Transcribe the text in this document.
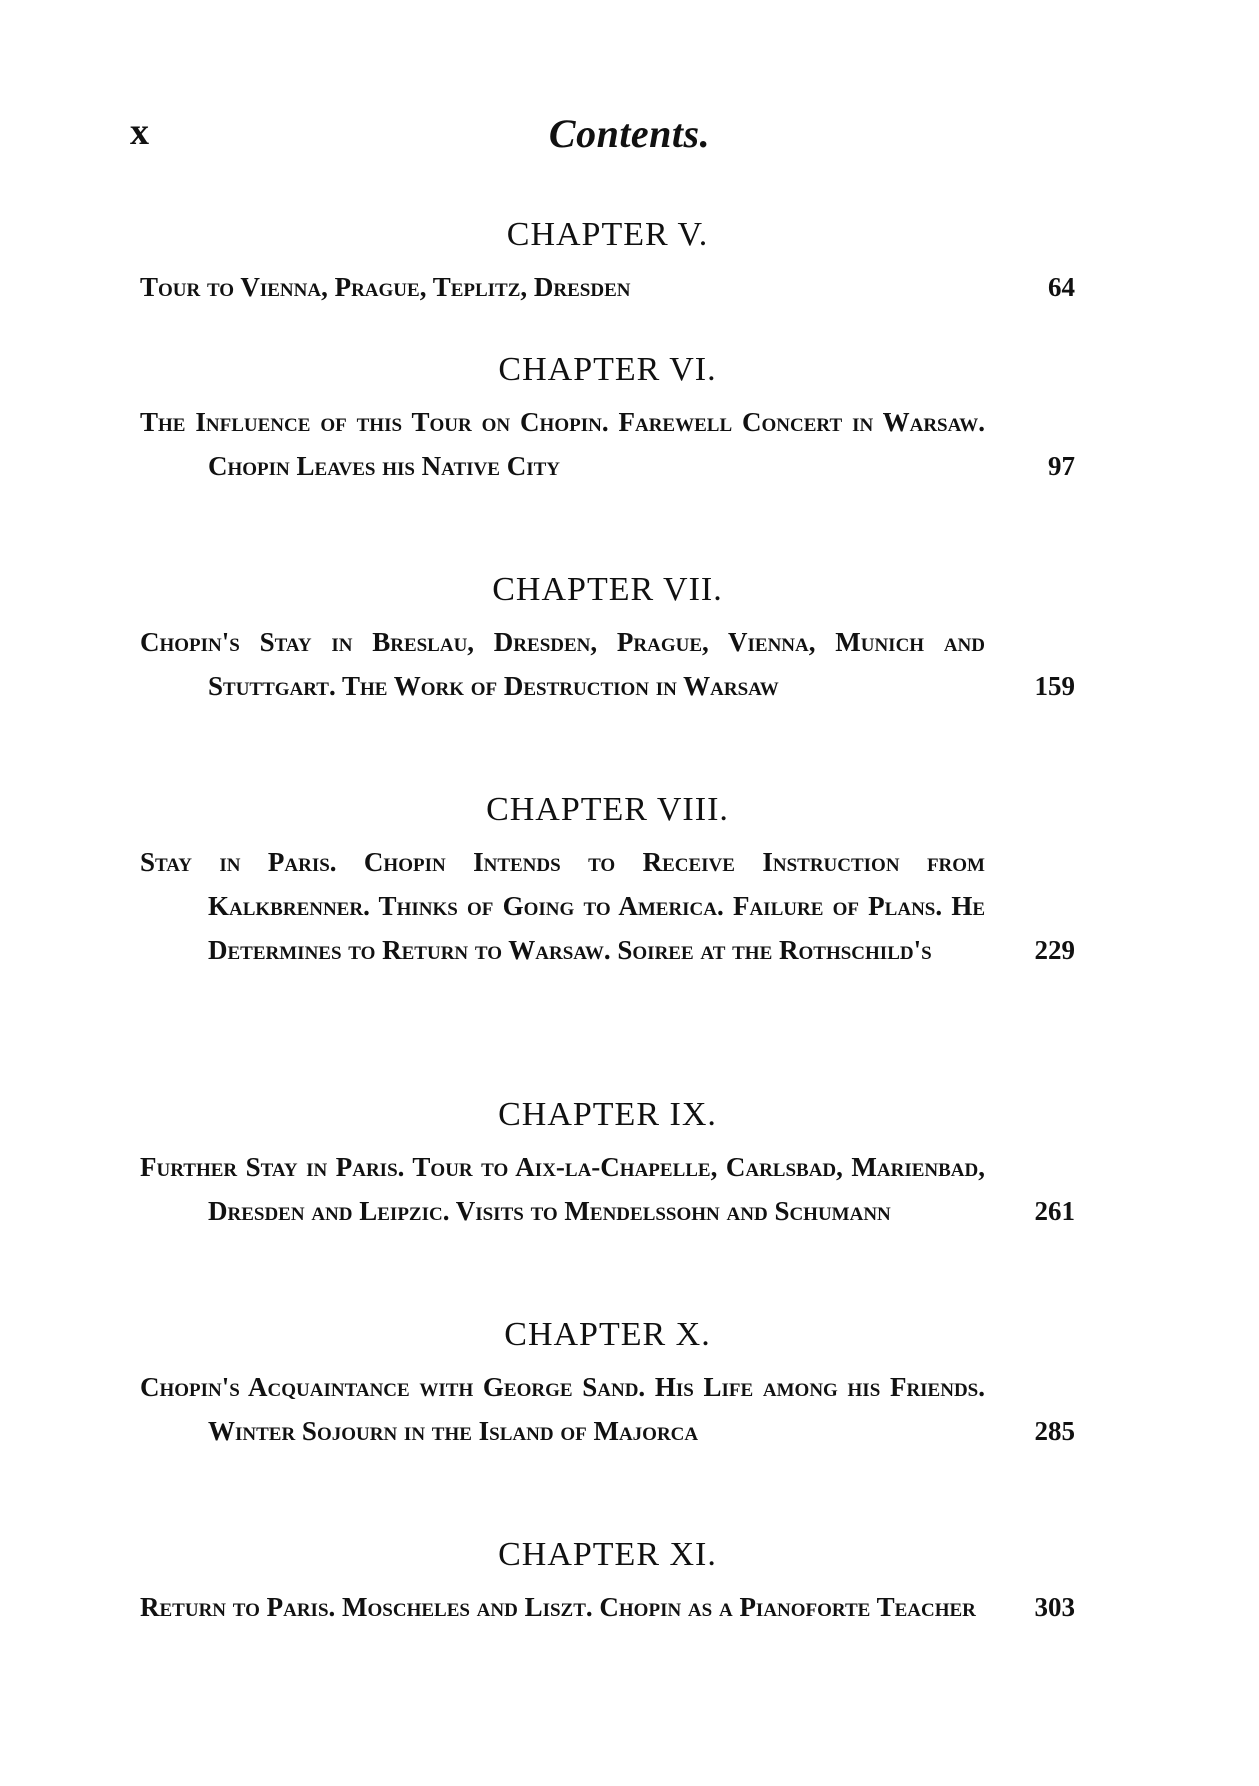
x	Contents.
CHAPTER V.
Tour to Vienna, Prague, Teplitz, Dresden	64
CHAPTER VI.
The Influence of this Tour on Chopin. Farewell Concert in Warsaw. Chopin Leaves his Native City	97
CHAPTER VII.
Chopin's Stay in Breslau, Dresden, Prague, Vienna, Munich and Stuttgart. The Work of Destruction in Warsaw	159
CHAPTER VIII.
Stay in Paris. Chopin Intends to Receive Instruction from Kalkbrenner. Thinks of Going to America. Failure of Plans. He Determines to Return to Warsaw. Soiree at the Rothschild's	229
CHAPTER IX.
Further Stay in Paris. Tour to Aix-la-Chapelle, Carlsbad, Marienbad, Dresden and Leipzic. Visits to Mendelssohn and Schumann	261
CHAPTER X.
Chopin's Acquaintance with George Sand. His Life among his Friends. Winter Sojourn in the Island of Majorca	285
CHAPTER XI.
Return to Paris. Moscheles and Liszt. Chopin as a Pianoforte Teacher	303
